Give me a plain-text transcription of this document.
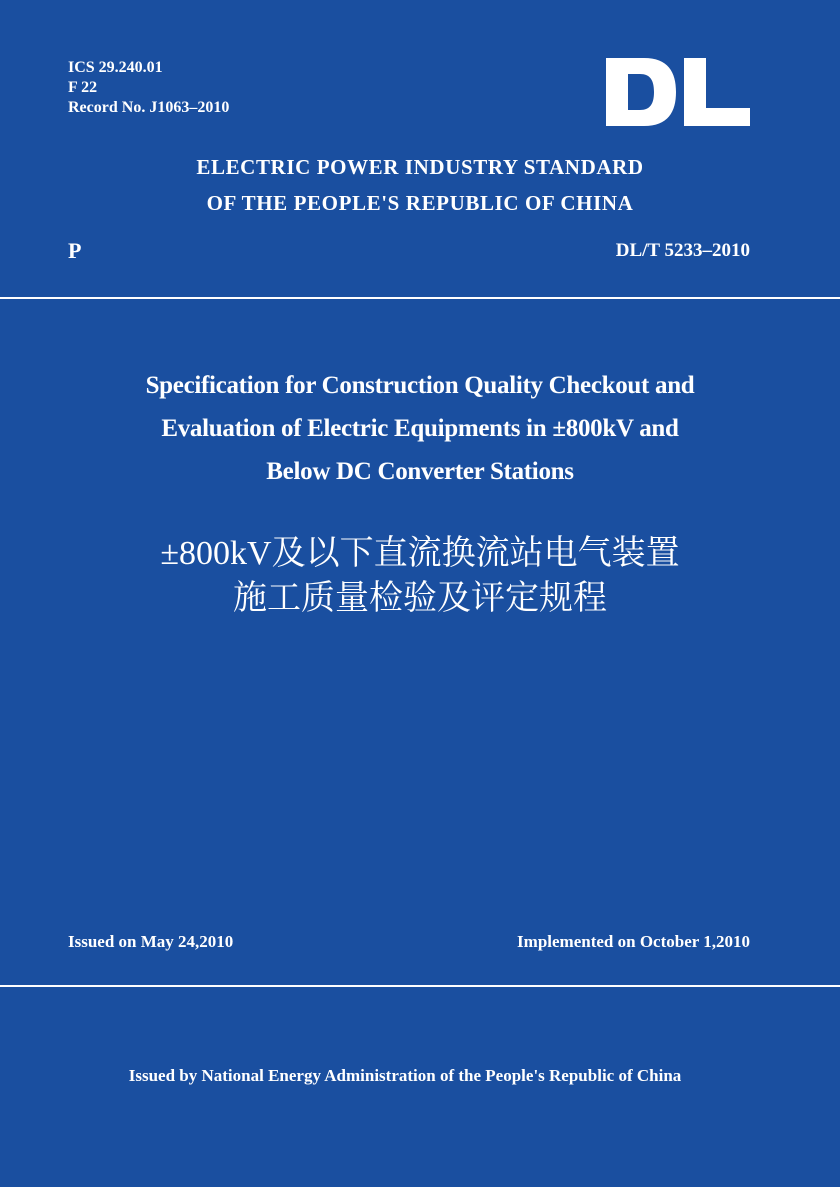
ICS 29.240.01
F 22
Record No. J1063–2010
ELECTRIC POWER INDUSTRY STANDARD
OF THE PEOPLE'S REPUBLIC OF CHINA
P	DL/T 5233–2010
Specification for Construction Quality Checkout and
Evaluation of Electric Equipments in ±800kV and
Below DC Converter Stations
±800kV及以下直流换流站电气装置
施工质量检验及评定规程
Issued on May 24,2010	Implemented on October 1,2010
Issued by National Energy Administration of the People's Republic of China
